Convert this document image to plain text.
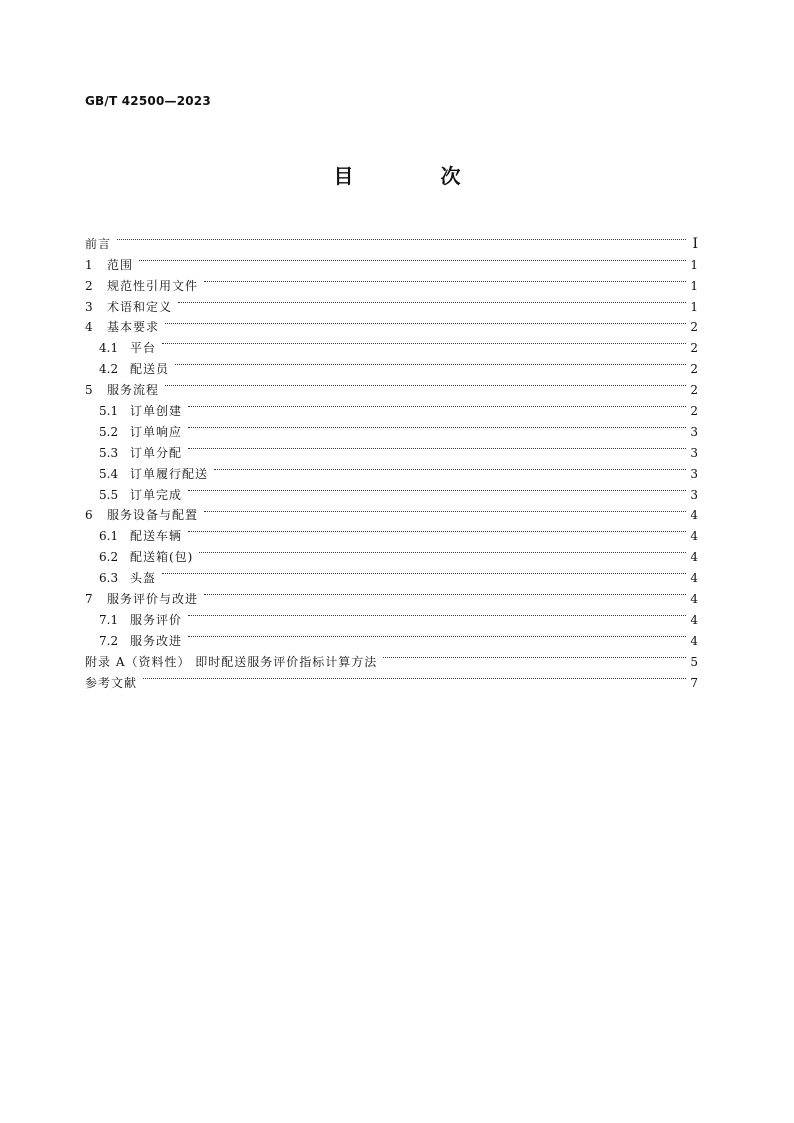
GB/T 42500—2023
目 次
前言	Ⅰ
1	范围	1
2	规范性引用文件	1
3	术语和定义	1
4	基本要求	2
4.1 平台	2
4.2 配送员	2
5	服务流程	2
5.1 订单创建	2
5.2 订单响应	3
5.3 订单分配	3
5.4 订单履行配送	3
5.5 订单完成	3
6	服务设备与配置	4
6.1 配送车辆	4
6.2 配送箱(包)	4
6.3 头盔	4
7	服务评价与改进	4
7.1 服务评价	4
7.2 服务改进	4
附录 A（资料性） 即时配送服务评价指标计算方法	5
参考文献	7
